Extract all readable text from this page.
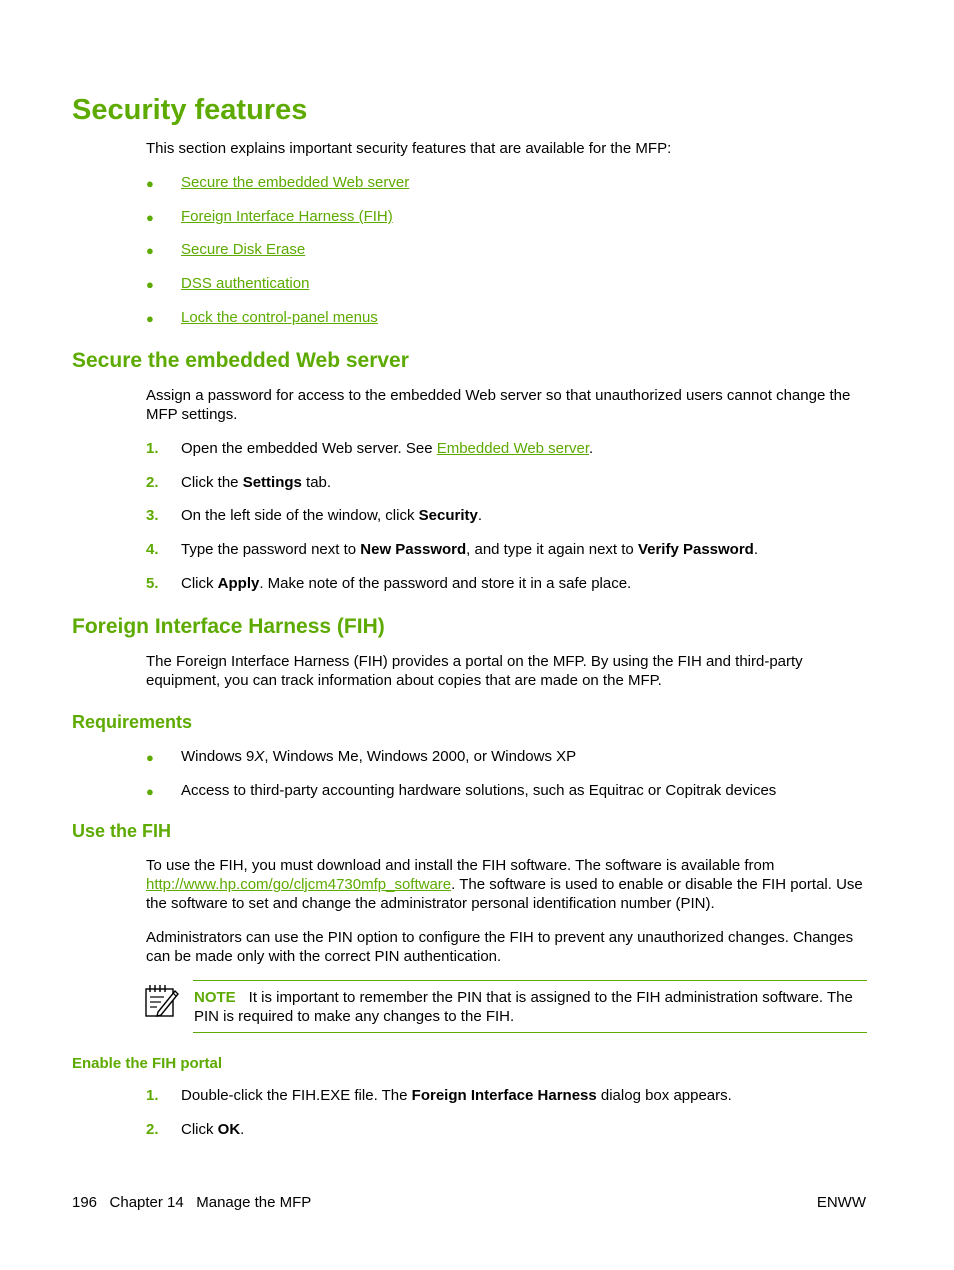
Security features
This section explains important security features that are available for the MFP:
● Secure the embedded Web server
● Foreign Interface Harness (FIH)
● Secure Disk Erase
● DSS authentication
● Lock the control-panel menus
Secure the embedded Web server
Assign a password for access to the embedded Web server so that unauthorized users cannot change the MFP settings.
1. Open the embedded Web server. See Embedded Web server.
2. Click the Settings tab.
3. On the left side of the window, click Security.
4. Type the password next to New Password, and type it again next to Verify Password.
5. Click Apply. Make note of the password and store it in a safe place.
Foreign Interface Harness (FIH)
The Foreign Interface Harness (FIH) provides a portal on the MFP. By using the FIH and third-party equipment, you can track information about copies that are made on the MFP.
Requirements
● Windows 9X, Windows Me, Windows 2000, or Windows XP
● Access to third-party accounting hardware solutions, such as Equitrac or Copitrak devices
Use the FIH
To use the FIH, you must download and install the FIH software. The software is available from http://www.hp.com/go/cljcm4730mfp_software. The software is used to enable or disable the FIH portal. Use the software to set and change the administrator personal identification number (PIN).
Administrators can use the PIN option to configure the FIH to prevent any unauthorized changes. Changes can be made only with the correct PIN authentication.
NOTE It is important to remember the PIN that is assigned to the FIH administration software. The PIN is required to make any changes to the FIH.
Enable the FIH portal
1. Double-click the FIH.EXE file. The Foreign Interface Harness dialog box appears.
2. Click OK.
196   Chapter 14   Manage the MFP	ENWW
